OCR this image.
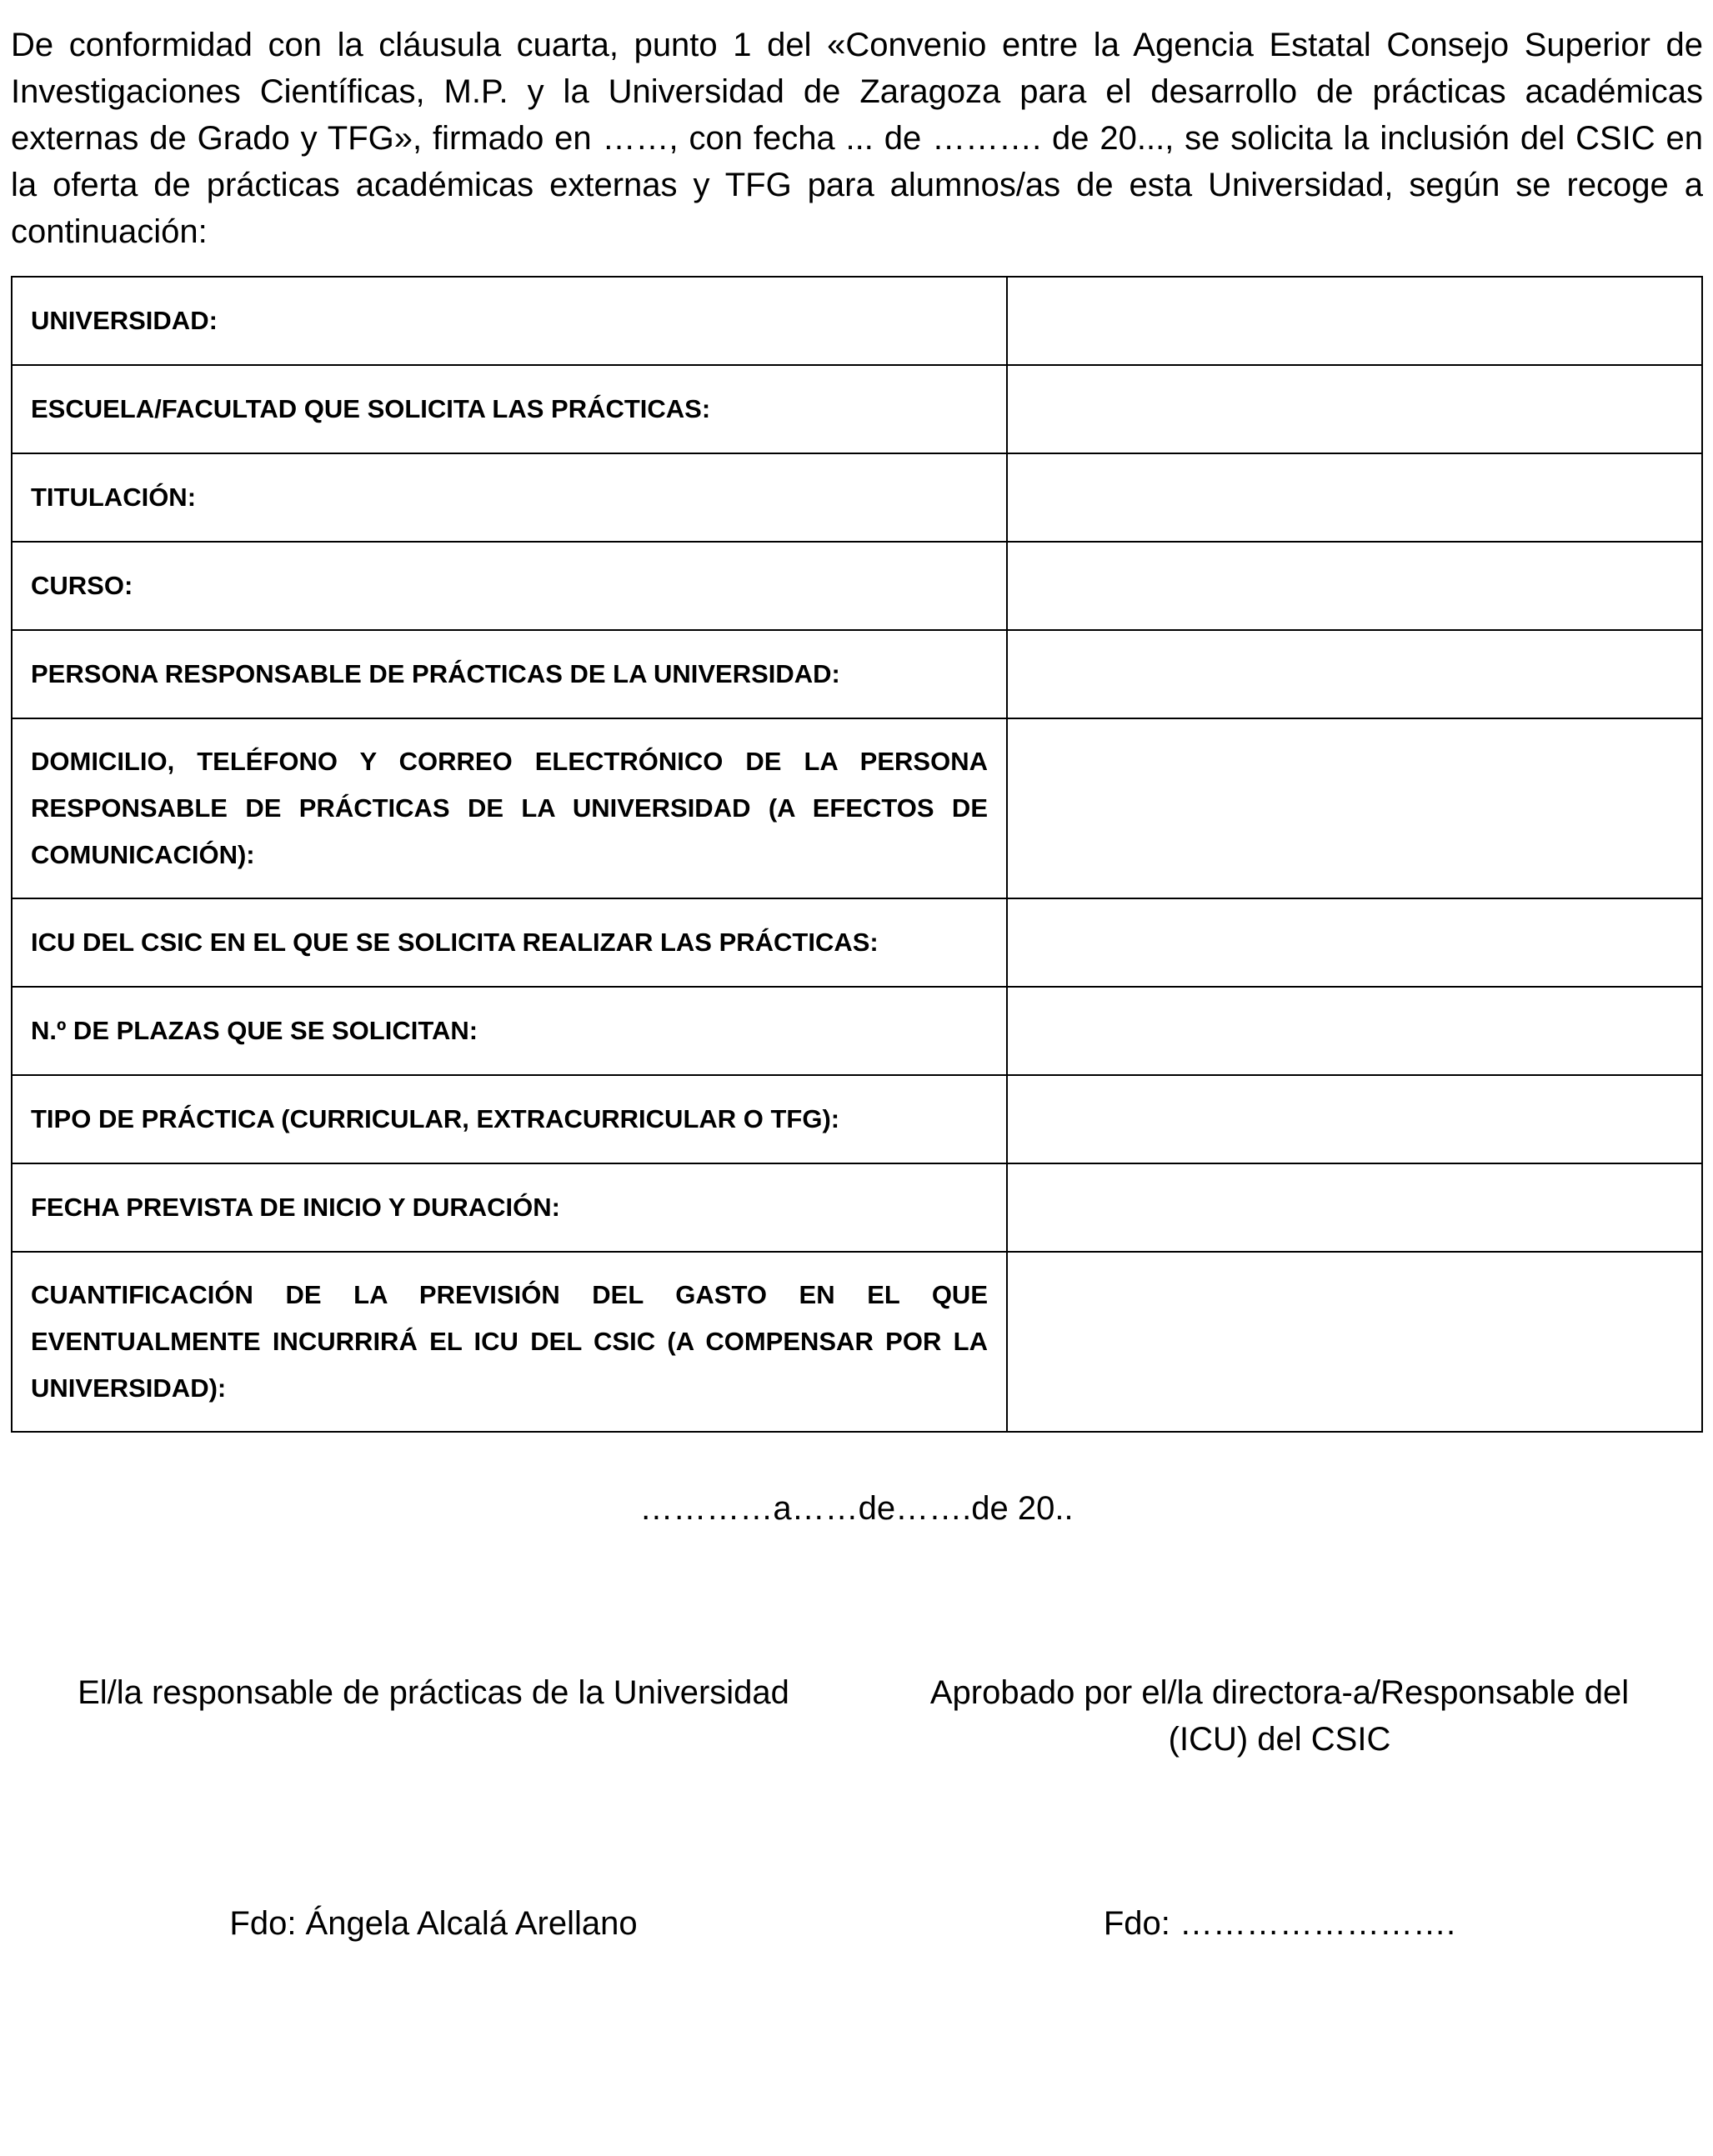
De conformidad con la cláusula cuarta, punto 1 del «Convenio entre la Agencia Estatal Consejo Superior de Investigaciones Científicas, M.P. y la Universidad de Zaragoza para el desarrollo de prácticas académicas externas de Grado y TFG», firmado en ……, con fecha ... de ………. de 20..., se solicita la inclusión del CSIC en la oferta de prácticas académicas externas y TFG para alumnos/as de esta Universidad, según se recoge a continuación:

UNIVERSIDAD:	
ESCUELA/FACULTAD QUE SOLICITA LAS PRÁCTICAS:	
TITULACIÓN:	
CURSO:	
PERSONA RESPONSABLE DE PRÁCTICAS DE LA UNIVERSIDAD:	
DOMICILIO, TELÉFONO Y CORREO ELECTRÓNICO DE LA PERSONA RESPONSABLE DE PRÁCTICAS DE LA UNIVERSIDAD (A EFECTOS DE COMUNICACIÓN):	
ICU DEL CSIC EN EL QUE SE SOLICITA REALIZAR LAS PRÁCTICAS:	
N.º DE PLAZAS QUE SE SOLICITAN:	
TIPO DE PRÁCTICA (CURRICULAR, EXTRACURRICULAR O TFG):	
FECHA PREVISTA DE INICIO Y DURACIÓN:	
CUANTIFICACIÓN DE LA PREVISIÓN DEL GASTO EN EL QUE EVENTUALMENTE INCURRIRÁ EL ICU DEL CSIC (A COMPENSAR POR LA UNIVERSIDAD):	
…………a……de…….de 20..
El/la responsable de prácticas de la Universidad	Aprobado por el/la directora-a/Responsable del (ICU) del CSIC
Fdo: Ángela Alcalá Arellano	Fdo: …………………….
